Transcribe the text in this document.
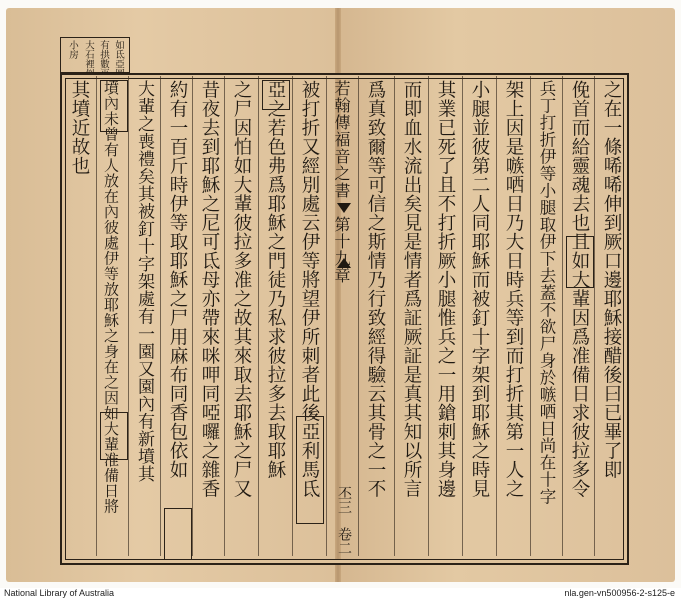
如氐亞圖
有拱數巫
大石裡似
小房
之在一條唏唏伸到厥口邊耶穌接醋後曰已畢了即
俛首而給靈魂去也且如大輩因爲准備日求彼拉多令
兵丁打折伊等小腿取伊下去蓋不欲尸身於嗾哂日尚在十字
架上因是嗾哂日乃大日時兵等到而打折其第一人之
小腿並彼第二人同耶穌而被釘十字架到耶穌之時見
其業已死了且不打折厥小腿惟兵之一用鎗刺其身邊
而即血水流出矣見是情者爲証厥証是真其知以所言
爲真致爾等可信之斯情乃行致經得驗云其骨之一不
若翰傳福音之書
第十九章
丕三
卷二
被打折又經別處云伊等將望伊所刺者此後亞利馬氐
亞之若色弗爲耶穌之門徒乃私求彼拉多去取耶穌
之尸因怕如大輩彼拉多准之故其來取去耶穌之尸又
昔夜去到耶穌之尼可氐母亦帶來咪呷同啞囉之雜香
約有一百斤時伊等取耶穌之尸用麻布同香包依如
大輩之喪禮矣其被釘十字架處有一園又園內有新墳其
墳內未曾有人放在內彼處伊等放耶穌之身在之因如大輩准備日將
其墳近故也
National Library of Australia	nla.gen-vn500956-2-s125-e
